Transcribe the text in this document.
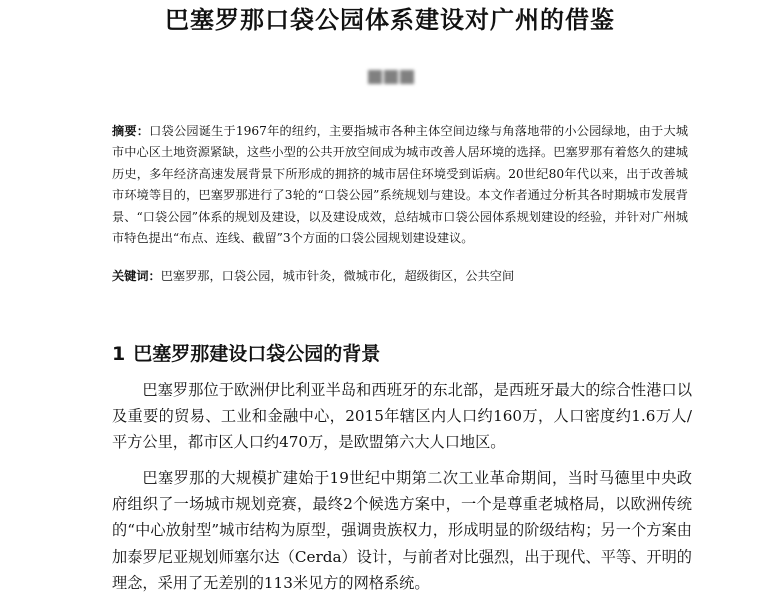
巴塞罗那口袋公园体系建设对广州的借鉴

摘要：口袋公园诞生于1967年的纽约，主要指城市各种主体空间边缘与角落地带的小公园绿地，由于大城市中心区土地资源紧缺，这些小型的公共开放空间成为城市改善人居环境的选择。巴塞罗那有着悠久的建城历史，多年经济高速发展背景下所形成的拥挤的城市居住环境受到诟病。20世纪80年代以来，出于改善城市环境等目的，巴塞罗那进行了3轮的“口袋公园”系统规划与建设。本文作者通过分析其各时期城市发展背景、“口袋公园”体系的规划及建设，以及建设成效，总结城市口袋公园体系规划建设的经验，并针对广州城市特色提出“布点、连线、截留”3个方面的口袋公园规划建设建议。

关键词：巴塞罗那，口袋公园，城市针灸，微城市化，超级街区，公共空间

1 巴塞罗那建设口袋公园的背景

巴塞罗那位于欧洲伊比利亚半岛和西班牙的东北部，是西班牙最大的综合性港口以及重要的贸易、工业和金融中心，2015年辖区内人口约160万，人口密度约1.6万人/平方公里，都市区人口约470万，是欧盟第六大人口地区。

巴塞罗那的大规模扩建始于19世纪中期第二次工业革命期间，当时马德里中央政府组织了一场城市规划竞赛，最终2个候选方案中，一个是尊重老城格局，以欧洲传统的“中心放射型”城市结构为原型，强调贵族权力，形成明显的阶级结构；另一个方案由加泰罗尼亚规划师塞尔达（Cerda）设计，与前者对比强烈，出于现代、平等、开明的理念，采用了无差别的113米见方的网格系统。
